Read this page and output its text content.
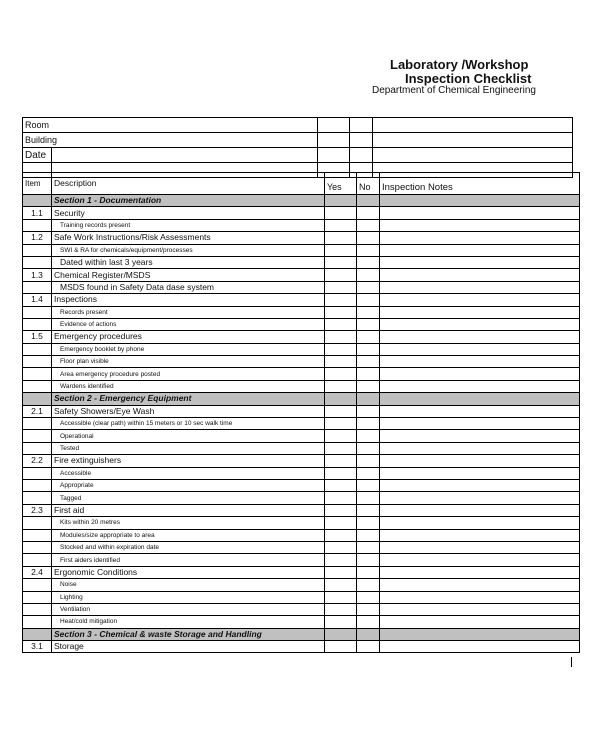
Laboratory /Workshop
Inspection Checklist
Department of Chemical Engineering
Room				
Building				
Date				

Item	Description	Yes	No	Inspection Notes
	Section 1 - Documentation			
1.1	Security			
	Training records present			
1.2	Safe Work Instructions/Risk Assessments			
	SWI & RA for chemicals/equipment/processes			
	Dated within last 3 years			
1.3	Chemical Register/MSDS			
	MSDS found in Safety Data dase system			
1.4	Inspections			
	Records present			
	Evidence of actions			
1.5	Emergency procedures			
	Emergency booklet by phone			
	Floor plan visible			
	Area emergency procedure posted			
	Wardens identified			
	Section 2 - Emergency Equipment			
2.1	Safety Showers/Eye Wash			
	Accessible (clear path) within 15 meters or 10 sec walk time			
	Operational			
	Tested			
2.2	Fire extinguishers			
	Accessible			
	Appropriate			
	Tagged			
2.3	First aid			
	Kits within 20 metres			
	Modules/size appropriate to area			
	Stocked and within expiration date			
	First aiders identified			
2.4	Ergonomic Conditions			
	Noise			
	Lighting			
	Ventilation			
	Heat/cold mitigation			
	Section 3 - Chemical & waste Storage and Handling			
3.1	Storage			
